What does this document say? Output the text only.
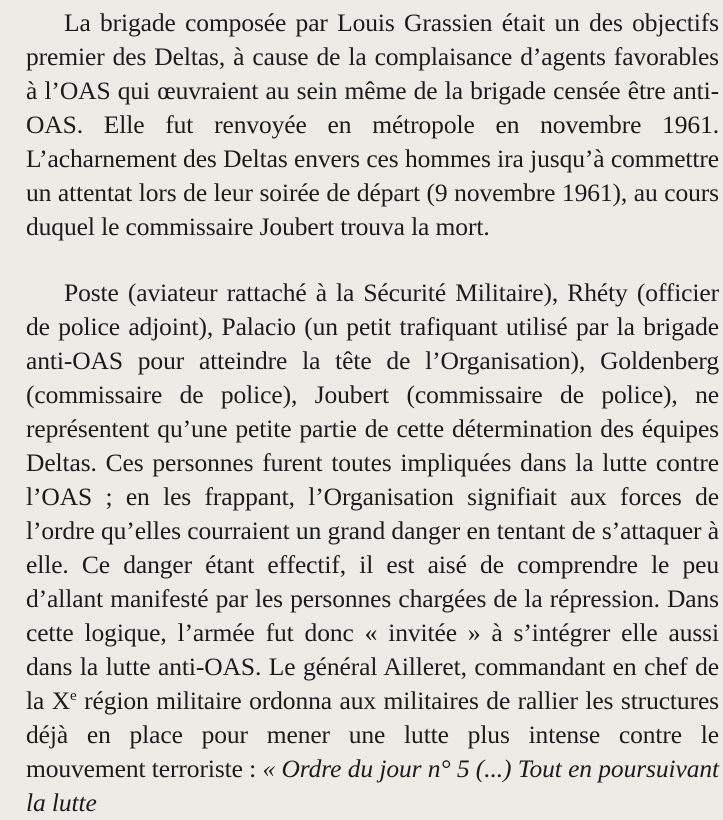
La brigade composée par Louis Grassien était un des objectifs premier des Deltas, à cause de la complaisance d’agents favorables à l’OAS qui œuvraient au sein même de la brigade censée être anti-OAS. Elle fut renvoyée en métropole en novembre 1961. L’acharnement des Deltas envers ces hommes ira jusqu’à commettre un attentat lors de leur soirée de départ (9 novembre 1961), au cours duquel le commissaire Joubert trouva la mort.

Poste (aviateur rattaché à la Sécurité Militaire), Rhéty (officier de police adjoint), Palacio (un petit trafiquant utilisé par la brigade anti-OAS pour atteindre la tête de l’Organisation), Goldenberg (commissaire de police), Joubert (commissaire de police), ne représentent qu’une petite partie de cette détermination des équipes Deltas. Ces personnes furent toutes impliquées dans la lutte contre l’OAS ; en les frappant, l’Organisation signifiait aux forces de l’ordre qu’elles courraient un grand danger en tentant de s’attaquer à elle. Ce danger étant effectif, il est aisé de comprendre le peu d’allant manifesté par les personnes chargées de la répression. Dans cette logique, l’armée fut donc « invitée » à s’intégrer elle aussi dans la lutte anti-OAS. Le général Ailleret, commandant en chef de la Xe région militaire ordonna aux militaires de rallier les structures déjà en place pour mener une lutte plus intense contre le mouvement terroriste : « Ordre du jour n° 5 (...) Tout en poursuivant la lutte
